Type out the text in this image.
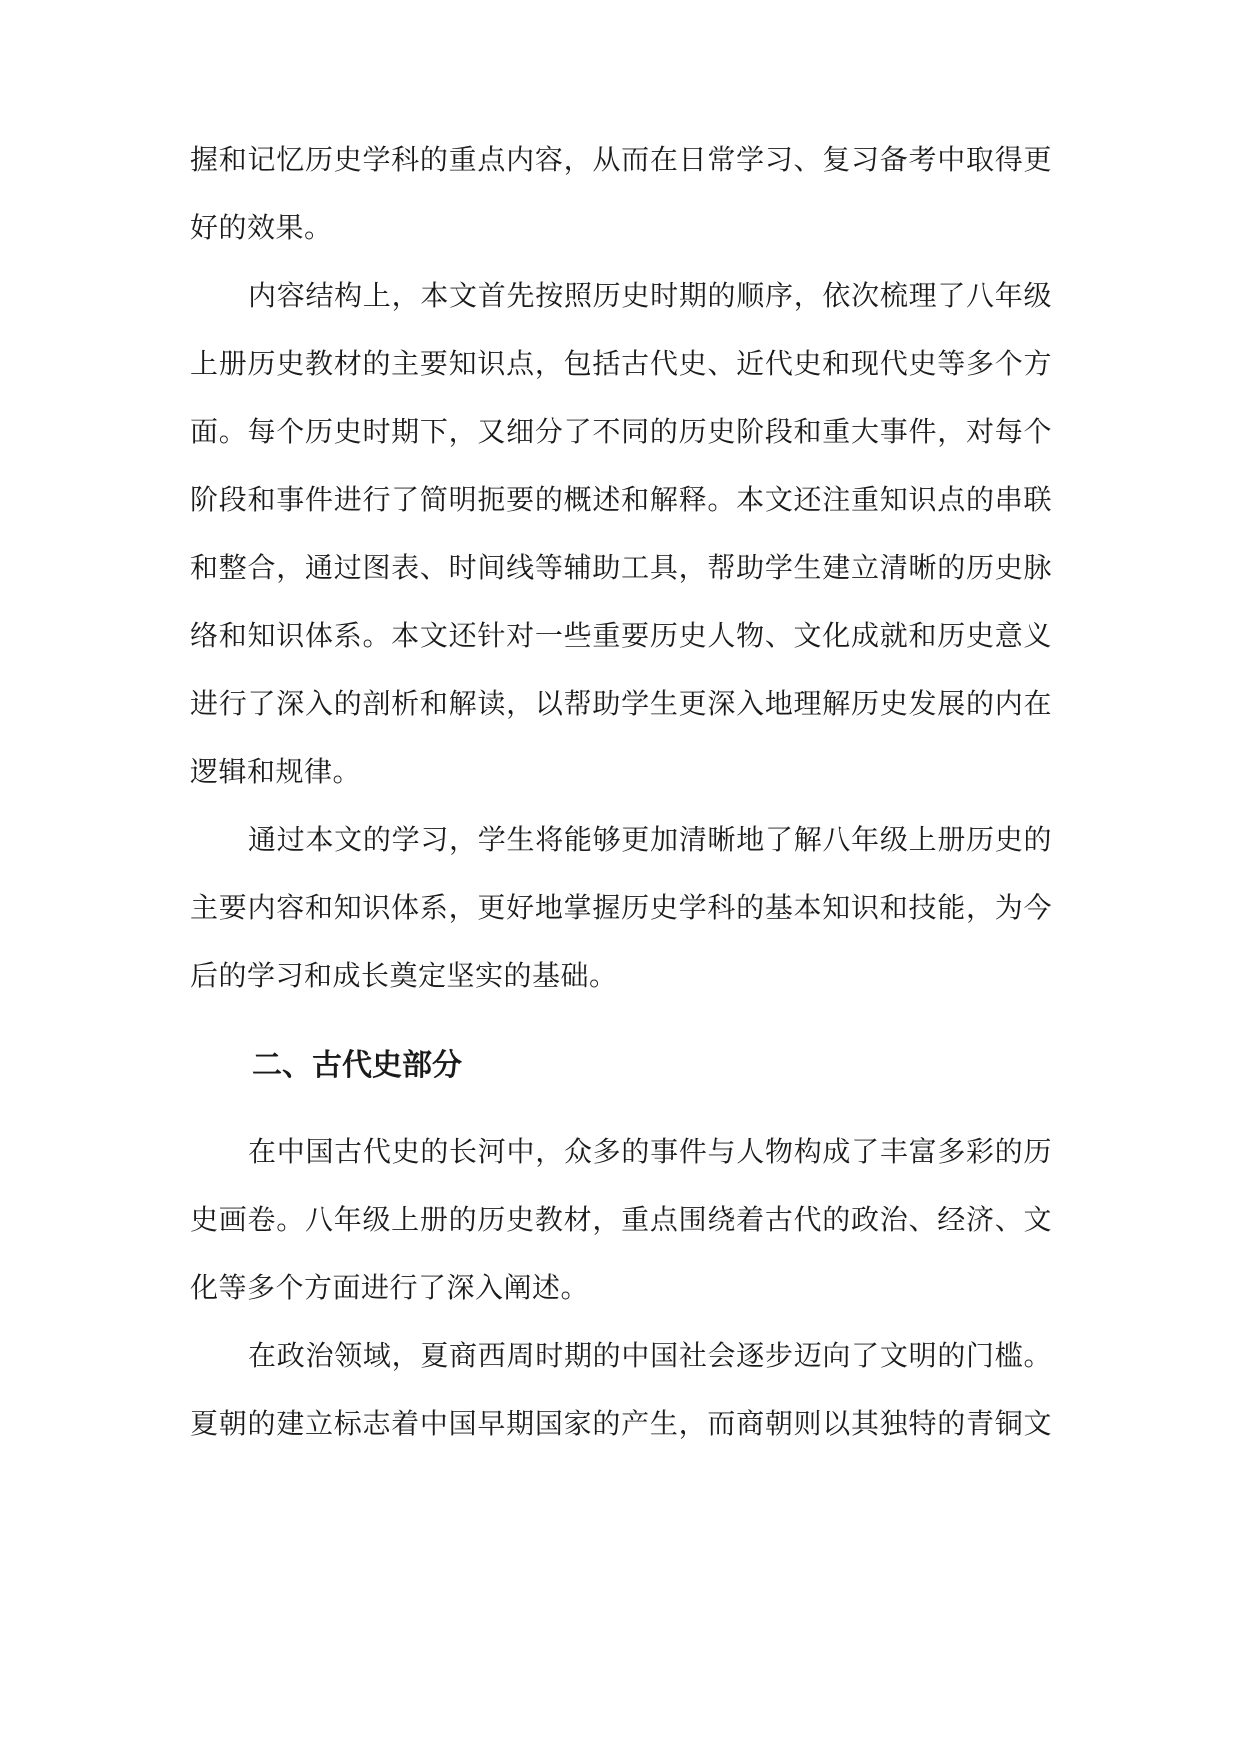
握和记忆历史学科的重点内容，从而在日常学习、复习备考中取得更
好的效果。
内容结构上，本文首先按照历史时期的顺序，依次梳理了八年级
上册历史教材的主要知识点，包括古代史、近代史和现代史等多个方
面。每个历史时期下，又细分了不同的历史阶段和重大事件，对每个
阶段和事件进行了简明扼要的概述和解释。本文还注重知识点的串联
和整合，通过图表、时间线等辅助工具，帮助学生建立清晰的历史脉
络和知识体系。本文还针对一些重要历史人物、文化成就和历史意义
进行了深入的剖析和解读，以帮助学生更深入地理解历史发展的内在
逻辑和规律。
通过本文的学习，学生将能够更加清晰地了解八年级上册历史的
主要内容和知识体系，更好地掌握历史学科的基本知识和技能，为今
后的学习和成长奠定坚实的基础。
二、古代史部分
在中国古代史的长河中，众多的事件与人物构成了丰富多彩的历
史画卷。八年级上册的历史教材，重点围绕着古代的政治、经济、文
化等多个方面进行了深入阐述。
在政治领域，夏商西周时期的中国社会逐步迈向了文明的门槛。
夏朝的建立标志着中国早期国家的产生，而商朝则以其独特的青铜文
